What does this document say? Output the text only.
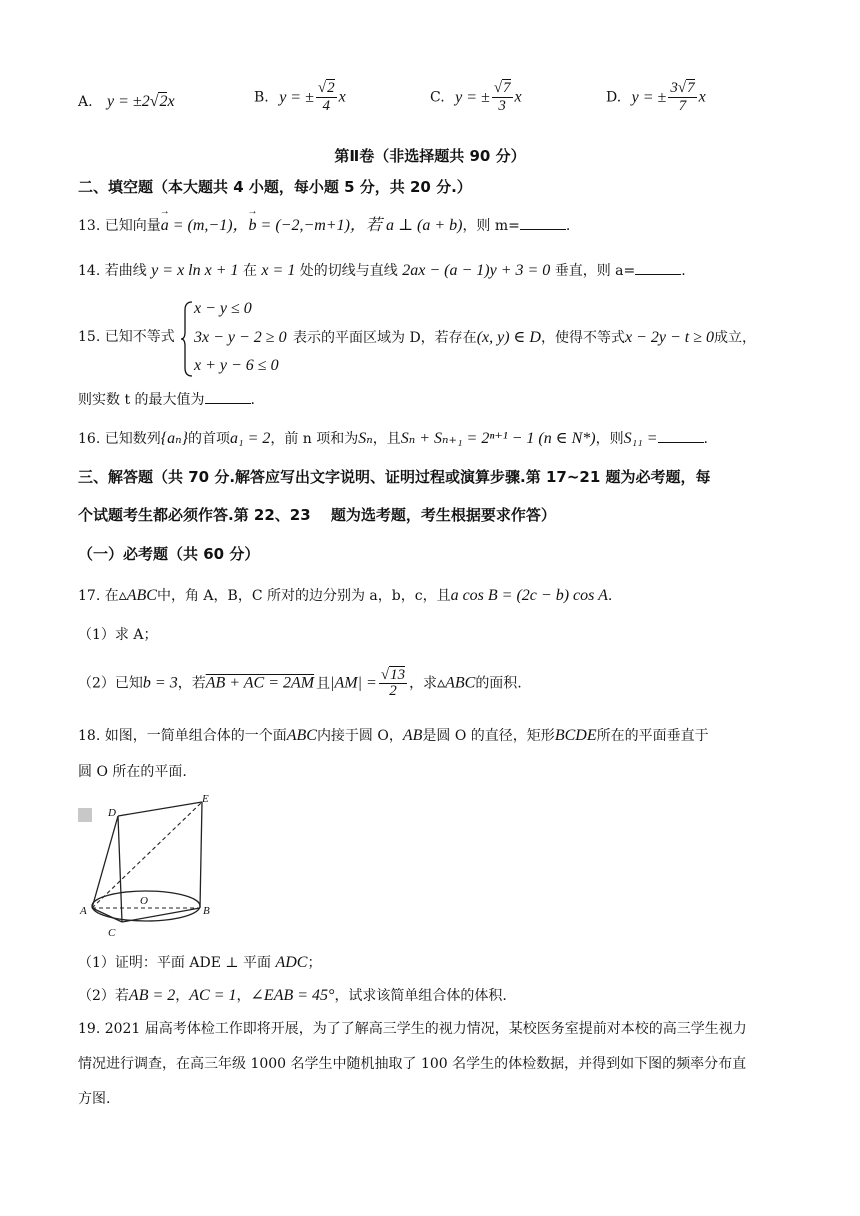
A. y = ±2√2x	B. y = ± $\frac{√2}{4}$ x	C. y = ± $\frac{√7}{3}$ x	D. y = ± $\frac{3√7}{7}$ x
第Ⅱ卷（非选择题共 90 分）
二、填空题（本大题共 4 小题，每小题 5 分，共 20 分.）
13. 已知向量→ a = (m,−1)，→ b = (−2,−m+1)，若 a ⊥ (a + b)，则 m=	.
14. 若曲线 y = x ln x + 1 在 x = 1 处的切线与直线 2ax − (a − 1)y + 3 = 0 垂直，则 a=	.
15. 已知不等式
x − y ≤ 0
3x − y − 2 ≥ 0
x + y − 6 ≤ 0
表示的平面区域为 D，若存在(x, y) ∈ D，使得不等式x − 2y − t ≥ 0成立，
则实数 t 的最大值为	.
16. 已知数列{aₙ}的首项a₁ = 2，前 n 项和为Sₙ，且Sₙ + Sₙ₊₁ = 2ⁿ⁺¹ − 1 (n ∈ N*)，则S₁₁ =	.
三、解答题（共 70 分.解答应写出文字说明、证明过程或演算步骤.第 17~21 题为必考题，每
个试题考生都必须作答.第 22、23　 题为选考题，考生根据要求作答）
（一）必考题（共 60 分）
17. 在▵ABC中，角 A，B，C 所对的边分别为 a，b，c，且a cos B = (2c − b) cos A.
（1）求 A；
（2）已知b = 3，若AB + AC = 2AM 且$|AM| = \frac{√13}{2}$ ，求▵ABC的面积.
18. 如图，一简单组合体的一个面ABC内接于圆 O，AB是圆 O 的直径，矩形BCDE所在的平面垂直于
圆 O 所在的平面.
D
E
A
O
B
C
（1）证明：平面 ADE ⊥ 平面 ADC；
（2）若AB = 2，AC = 1，∠EAB = 45°，试求该简单组合体的体积.
19. 2021 届高考体检工作即将开展，为了了解高三学生的视力情况，某校医务室提前对本校的高三学生视力
情况进行调查，在高三年级 1000 名学生中随机抽取了 100 名学生的体检数据，并得到如下图的频率分布直
方图.
